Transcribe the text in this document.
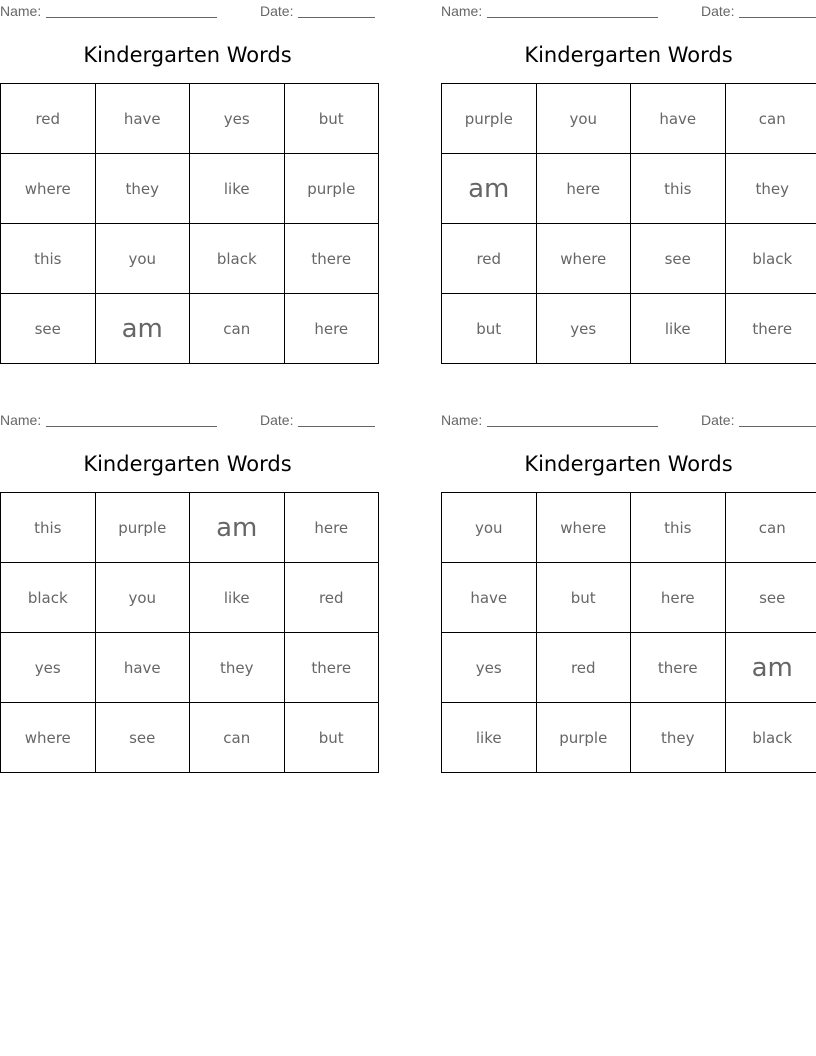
Name:	Date:
Kindergarten Words
red	have	yes	but
where	they	like	purple
this	you	black	there
see	am	can	here
Name:	Date:
Kindergarten Words
purple	you	have	can
am	here	this	they
red	where	see	black
but	yes	like	there
Name:	Date:
Kindergarten Words
this	purple	am	here
black	you	like	red
yes	have	they	there
where	see	can	but
Name:	Date:
Kindergarten Words
you	where	this	can
have	but	here	see
yes	red	there	am
like	purple	they	black
